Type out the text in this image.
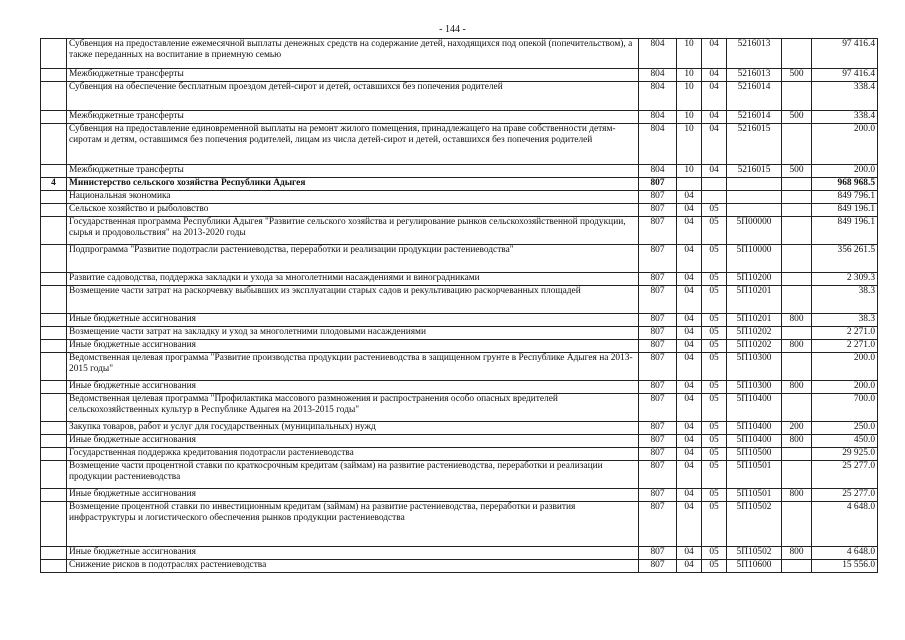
- 144 -
	Субвенция на предоставление ежемесячной выплаты денежных средств на содержание детей, находящихся под опекой (попечительством), а также переданных на воспитание в приемную семью	804	10	04	5216013		97 416.4
	Межбюджетные трансферты	804	10	04	5216013	500	97 416.4
	Субвенция на обеспечение бесплатным проездом детей-сирот и детей, оставшихся без попечения родителей	804	10	04	5216014		338.4
	Межбюджетные трансферты	804	10	04	5216014	500	338.4
	Субвенция на предоставление единовременной выплаты на ремонт жилого помещения, принадлежащего на праве собственности детям-сиротам и детям, оставшимся без попечения родителей, лицам из числа детей-сирот и детей, оставшихся без попечения родителей	804	10	04	5216015		200.0
	Межбюджетные трансферты	804	10	04	5216015	500	200.0
4	Министерство сельского хозяйства Республики Адыгея	807					968 968.5
	Национальная экономика	807	04				849 796.1
	Сельское хозяйство и рыболовство	807	04	05			849 196.1
	Государственная программа Республики Адыгея "Развитие сельского хозяйства и регулирование рынков сельскохозяйственной продукции, сырья и продовольствия" на 2013-2020 годы	807	04	05	5П00000		849 196.1
	Подпрограмма "Развитие подотрасли растениеводства, переработки и реализации продукции растениеводства"	807	04	05	5П10000		356 261.5
	Развитие садоводства, поддержка закладки и ухода за многолетними насаждениями и виноградниками	807	04	05	5П10200		2 309.3
	Возмещение части затрат на раскорчевку выбывших из эксплуатации старых садов и рекультивацию раскорчеванных площадей	807	04	05	5П10201		38.3
	Иные бюджетные ассигнования	807	04	05	5П10201	800	38.3
	Возмещение части затрат на закладку и уход за многолетними плодовыми насаждениями	807	04	05	5П10202		2 271.0
	Иные бюджетные ассигнования	807	04	05	5П10202	800	2 271.0
	Ведомственная целевая программа "Развитие производства продукции растениеводства в защищенном грунте в Республике Адыгея на 2013-2015 годы"	807	04	05	5П10300		200.0
	Иные бюджетные ассигнования	807	04	05	5П10300	800	200.0
	Ведомственная целевая программа "Профилактика массового размножения и распространения особо опасных вредителей сельскохозяйственных культур в Республике Адыгея на 2013-2015 годы"	807	04	05	5П10400		700.0
	Закупка товаров, работ и услуг для государственных (муниципальных) нужд	807	04	05	5П10400	200	250.0
	Иные бюджетные ассигнования	807	04	05	5П10400	800	450.0
	Государственная поддержка кредитования подотрасли растениеводства	807	04	05	5П10500		29 925.0
	Возмещение части процентной ставки по краткосрочным кредитам (займам) на развитие растениеводства, переработки и реализации продукции растениеводства	807	04	05	5П10501		25 277.0
	Иные бюджетные ассигнования	807	04	05	5П10501	800	25 277.0
	Возмещение процентной ставки по инвестиционным кредитам (займам) на развитие растениеводства, переработки и развития инфраструктуры и логистического обеспечения рынков продукции растениеводства	807	04	05	5П10502		4 648.0
	Иные бюджетные ассигнования	807	04	05	5П10502	800	4 648.0
	Снижение рисков в подотраслях растениеводства	807	04	05	5П10600		15 556.0
